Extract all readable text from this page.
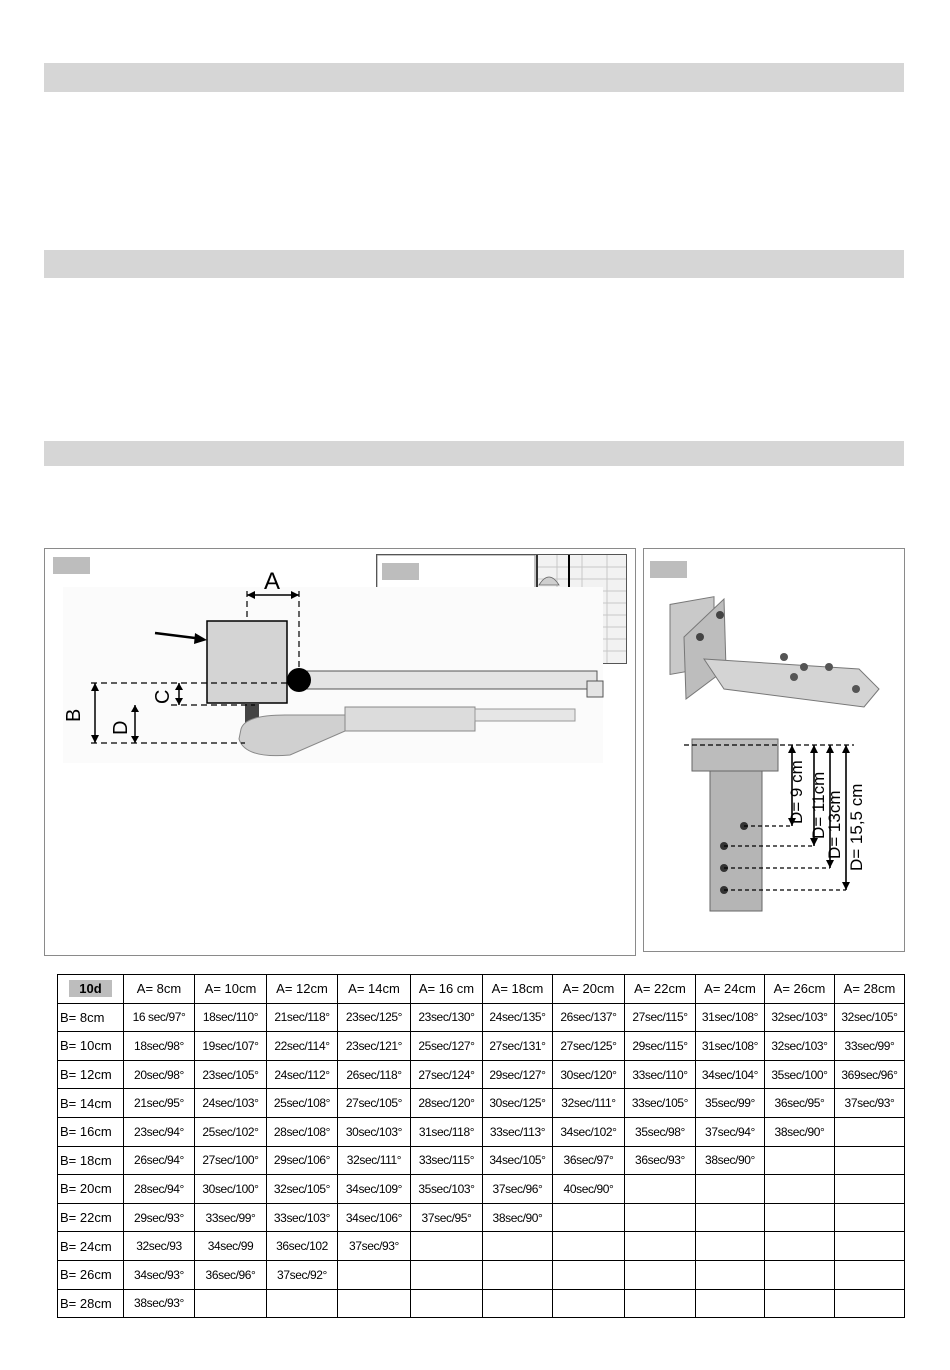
A
B
C
D
D= 9 cm D= 11cm
D= 13cm D= 15,5 cm
10d	A= 8cm	A= 10cm	A= 12cm	A= 14cm	A= 16 cm	A= 18cm	A= 20cm	A= 22cm	A= 24cm	A= 26cm	A= 28cm
B= 8cm	16 sec/97°	18sec/110°	21sec/118°	23sec/125°	23sec/130°	24sec/135°	26sec/137°	27sec/115°	31sec/108°	32sec/103°	32sec/105°
B= 10cm	18sec/98°	19sec/107°	22sec/114°	23sec/121°	25sec/127°	27sec/131°	27sec/125°	29sec/115°	31sec/108°	32sec/103°	33sec/99°
B= 12cm	20sec/98°	23sec/105°	24sec/112°	26sec/118°	27sec/124°	29sec/127°	30sec/120°	33sec/110°	34sec/104°	35sec/100°	369sec/96°
B= 14cm	21sec/95°	24sec/103°	25sec/108°	27sec/105°	28sec/120°	30sec/125°	32sec/111°	33sec/105°	35sec/99°	36sec/95°	37sec/93°
B= 16cm	23sec/94°	25sec/102°	28sec/108°	30sec/103°	31sec/118°	33sec/113°	34sec/102°	35sec/98°	37sec/94°	38sec/90°	
B= 18cm	26sec/94°	27sec/100°	29sec/106°	32sec/111°	33sec/115°	34sec/105°	36sec/97°	36sec/93°	38sec/90°		
B= 20cm	28sec/94°	30sec/100°	32sec/105°	34sec/109°	35sec/103°	37sec/96°	40sec/90°				
B= 22cm	29sec/93°	33sec/99°	33sec/103°	34sec/106°	37sec/95°	38sec/90°					
B= 24cm	32sec/93	34sec/99	36sec/102	37sec/93°							
B= 26cm	34sec/93°	36sec/96°	37sec/92°								
B= 28cm	38sec/93°										
